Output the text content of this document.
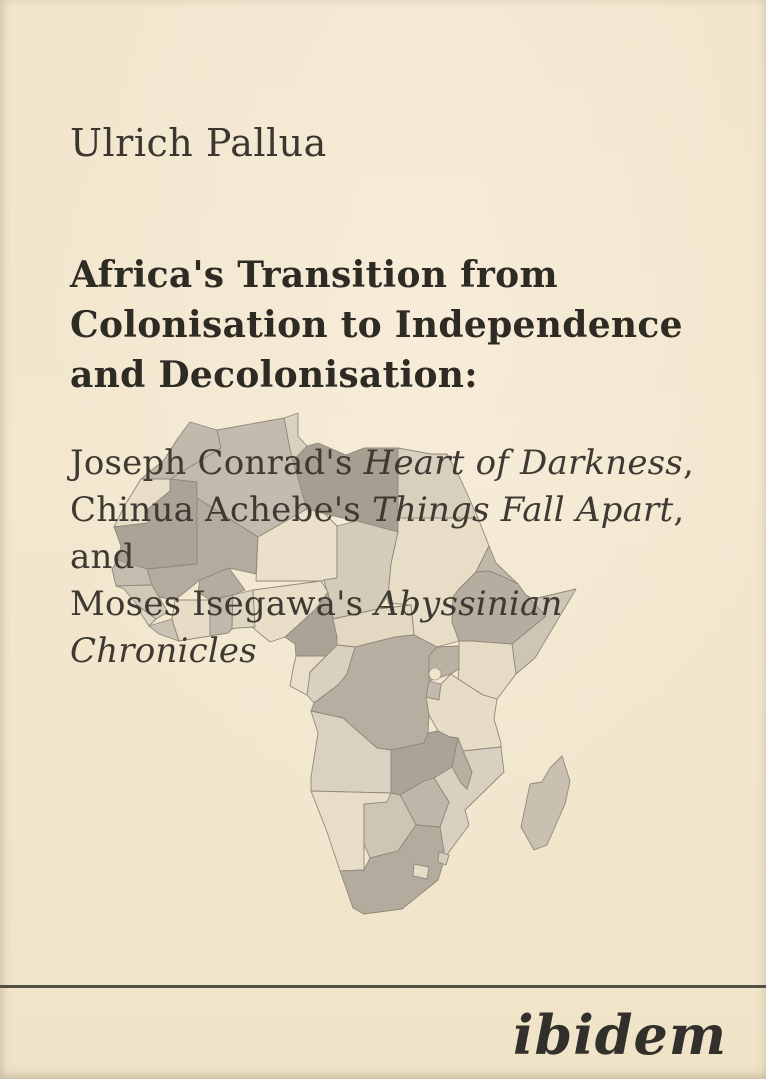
Ulrich Pallua
Africa's Transition from
Colonisation to Independence
and Decolonisation:
Joseph Conrad's Heart of Darkness,
Chinua Achebe's Things Fall Apart,
and
Moses Isegawa's Abyssinian Chronicles
ibidem
